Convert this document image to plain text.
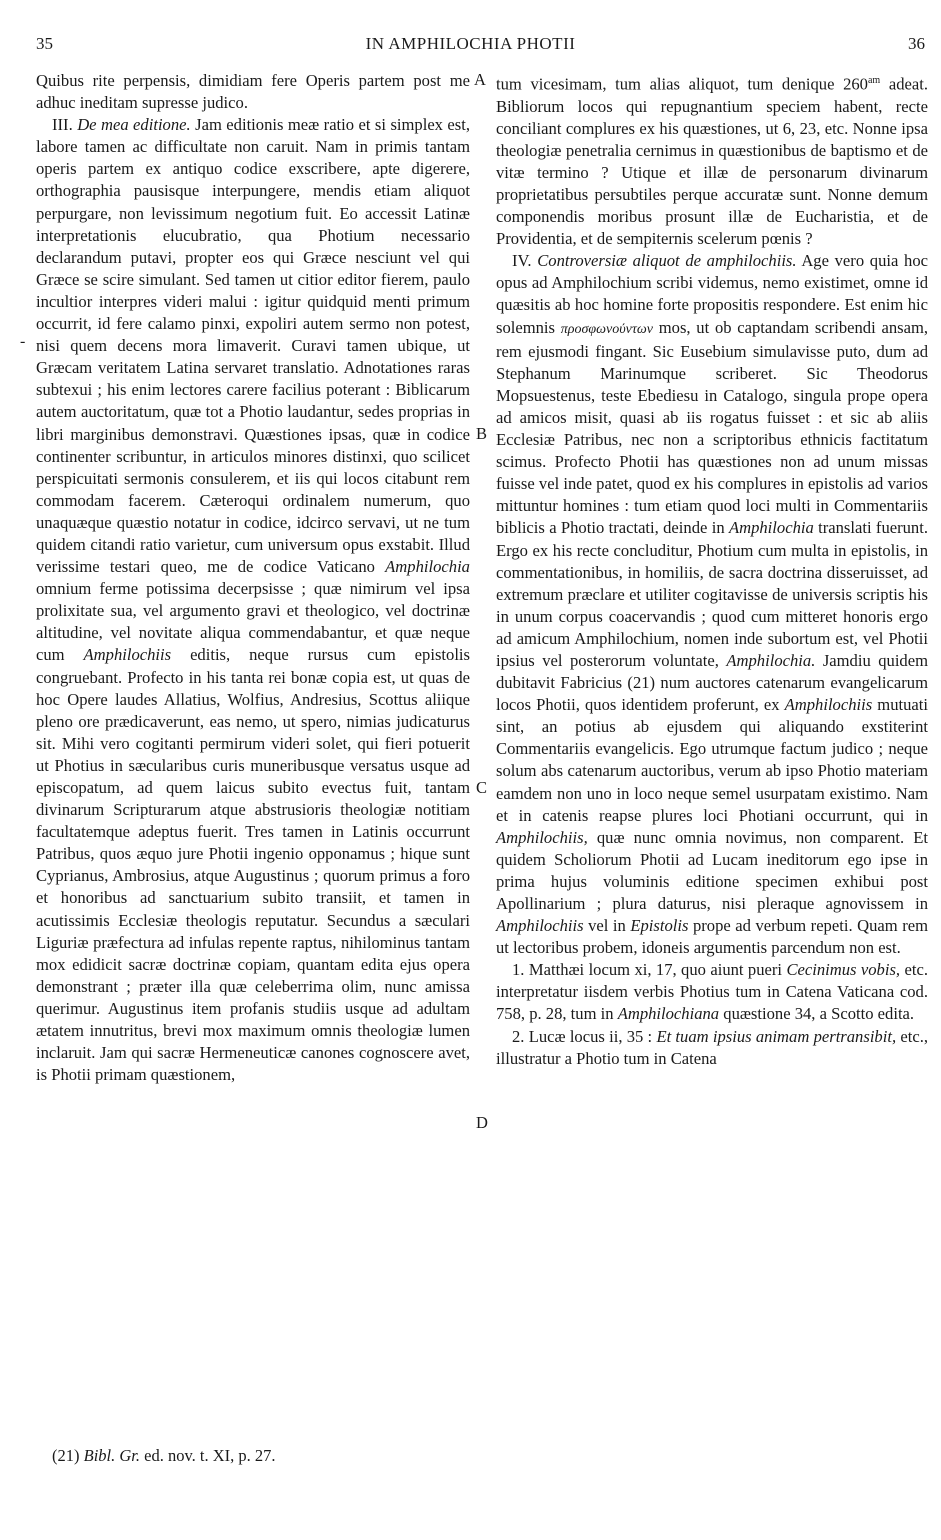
35	IN AMPHILOCHIA PHOTII	36
-
A
B
C
D

Quibus rite perpensis, dimidiam fere Operis partem post me adhuc ineditam supresse judico.

III. De mea editione. Jam editionis meæ ratio et si simplex est, labore tamen ac difficultate non caruit. Nam in primis tantam operis partem ex antiquo codice exscribere, apte digerere, orthographia pausisque interpungere, mendis etiam aliquot perpurgare, non levissimum negotium fuit. Eo accessit Latinæ interpretationis elucubratio, qua Photium necessario declarandum putavi, propter eos qui Græce nesciunt vel qui Græce se scire simulant. Sed tamen ut citior editor fierem, paulo incultior interpres videri malui : igitur quidquid menti primum occurrit, id fere calamo pinxi, expoliri autem sermo non potest, nisi quem decens mora limaverit. Curavi tamen ubique, ut Græcam veritatem Latina servaret translatio. Adnotationes raras subtexui ; his enim lectores carere facilius poterant : Biblicarum autem auctoritatum, quæ tot a Photio laudantur, sedes proprias in libri marginibus demonstravi. Quæstiones ipsas, quæ in codice continenter scribuntur, in articulos minores distinxi, quo scilicet perspicuitati sermonis consulerem, et iis qui locos citabunt rem commodam facerem. Cæteroqui ordinalem numerum, quo unaquæque quæstio notatur in codice, idcirco servavi, ut ne tum quidem citandi ratio varietur, cum universum opus exstabit. Illud verissime testari queo, me de codice Vaticano Amphilochia omnium ferme potissima decerpsisse ; quæ nimirum vel ipsa prolixitate sua, vel argumento gravi et theologico, vel doctrinæ altitudine, vel novitate aliqua commendabantur, et quæ neque cum Amphilochiis editis, neque rursus cum epistolis congruebant. Profecto in his tanta rei bonæ copia est, ut quas de hoc Opere laudes Allatius, Wolfius, Andresius, Scottus aliique pleno ore prædicaverunt, eas nemo, ut spero, nimias judicaturus sit. Mihi vero cogitanti permirum videri solet, qui fieri potuerit ut Photius in sæcularibus curis muneribusque versatus usque ad episcopatum, ad quem laicus subito evectus fuit, tantam divinarum Scripturarum atque abstrusioris theologiæ notitiam facultatemque adeptus fuerit. Tres tamen in Latinis occurrunt Patribus, quos æquo jure Photii ingenio opponamus ; hique sunt Cyprianus, Ambrosius, atque Augustinus ; quorum primus a foro et honoribus ad sanctuarium subito transiit, et tamen in acutissimis Ecclesiæ theologis reputatur. Secundus a sæculari Liguriæ præfectura ad infulas repente raptus, nihilominus tantam mox edidicit sacræ doctrinæ copiam, quantam edita ejus opera demonstrant ; præter illa quæ celeberrima olim, nunc amissa querimur. Augustinus item profanis studiis usque ad adultam ætatem innutritus, brevi mox maximum omnis theologiæ lumen inclaruit. Jam qui sacræ Hermeneuticæ canones cognoscere avet, is Photii primam quæstionem,

tum vicesimam, tum alias aliquot, tum denique $260^{am}$ adeat. Bibliorum locos qui repugnantium speciem habent, recte conciliant complures ex his quæstiones, ut 6, 23, etc. Nonne ipsa theologiæ penetralia cernimus in quæstionibus de baptismo et de vitæ termino ? Utique et illæ de personarum divinarum proprietatibus persubtiles perque accuratæ sunt. Nonne demum componendis moribus prosunt illæ de Eucharistia, et de Providentia, et de sempiternis scelerum pœnis ?

IV. Controversiæ aliquot de amphilochiis. Age vero quia hoc opus ad Amphilochium scribi videmus, nemo existimet, omne id quæsitis ab hoc homine forte propositis respondere. Est enim hic solemnis προσφωνούντων mos, ut ob captandam scribendi ansam, rem ejusmodi fingant. Sic Eusebium simulavisse puto, dum ad Stephanum Marinumque scriberet. Sic Theodorus Mopsuestenus, teste Ebediesu in Catalogo, singula prope opera ad amicos misit, quasi ab iis rogatus fuisset : et sic ab aliis Ecclesiæ Patribus, nec non a scriptoribus ethnicis factitatum scimus. Profecto Photii has quæstiones non ad unum missas fuisse vel inde patet, quod ex his complures in epistolis ad varios mittuntur homines : tum etiam quod loci multi in Commentariis biblicis a Photio tractati, deinde in Amphilochia translati fuerunt. Ergo ex his recte concluditur, Photium cum multa in epistolis, in commentationibus, in homiliis, de sacra doctrina disseruisset, ad extremum præclare et utiliter cogitavisse de universis scriptis his in unum corpus coacervandis ; quod cum mitteret honoris ergo ad amicum Amphilochium, nomen inde subortum est, vel Photii ipsius vel posterorum voluntate, Amphilochia. Jamdiu quidem dubitavit Fabricius (21) num auctores catenarum evangelicarum locos Photii, quos identidem proferunt, ex Amphilochiis mutuati sint, an potius ab ejusdem qui aliquando exstiterint Commentariis evangelicis. Ego utrumque factum judico ; neque solum abs catenarum auctoribus, verum ab ipso Photio materiam eamdem non uno in loco neque semel usurpatam existimo. Nam et in catenis reapse plures loci Photiani occurrunt, qui in Amphilochiis, quæ nunc omnia novimus, non comparent. Et quidem Scholiorum Photii ad Lucam ineditorum ego ipse in prima hujus voluminis editione specimen exhibui post Apollinarium ; plura daturus, nisi pleraque agnovissem in Amphilochiis vel in Epistolis prope ad verbum repeti. Quam rem ut lectoribus probem, idoneis argumentis parcendum non est.

1. Matthæi locum xi, 17, quo aiunt pueri Cecinimus vobis, etc. interpretatur iisdem verbis Photius tum in Catena Vaticana cod. 758, p. 28, tum in Amphilochiana quæstione 34, a Scotto edita.

2. Lucæ locus ii, 35 : Et tuam ipsius animam pertransibit, etc., illustratur a Photio tum in Catena

(21) Bibl. Gr. ed. nov. t. XI, p. 27.
